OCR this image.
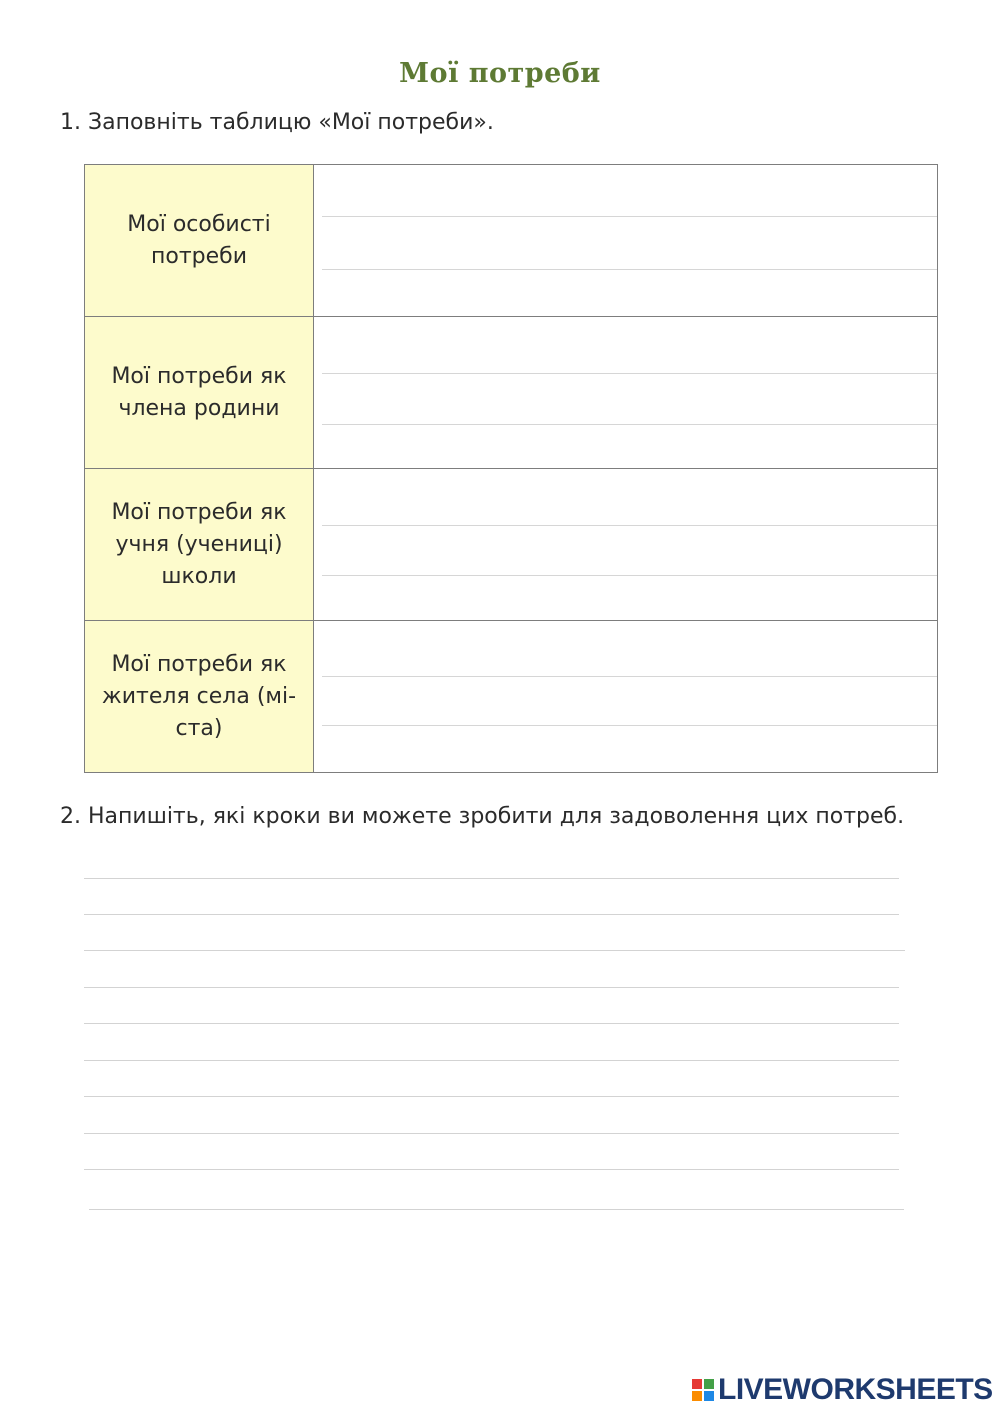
Мої потреби
1. Заповніть таблицю «Мої потреби».
Мої особисті потреби	

Мої потреби як члена родини	

Мої потреби як учня (учениці) школи	

Мої потреби як жителя села (мі-ста)	

2. Напишіть, які кроки ви можете зробити для задоволення цих потреб.
LIVEWORKSHEETS
